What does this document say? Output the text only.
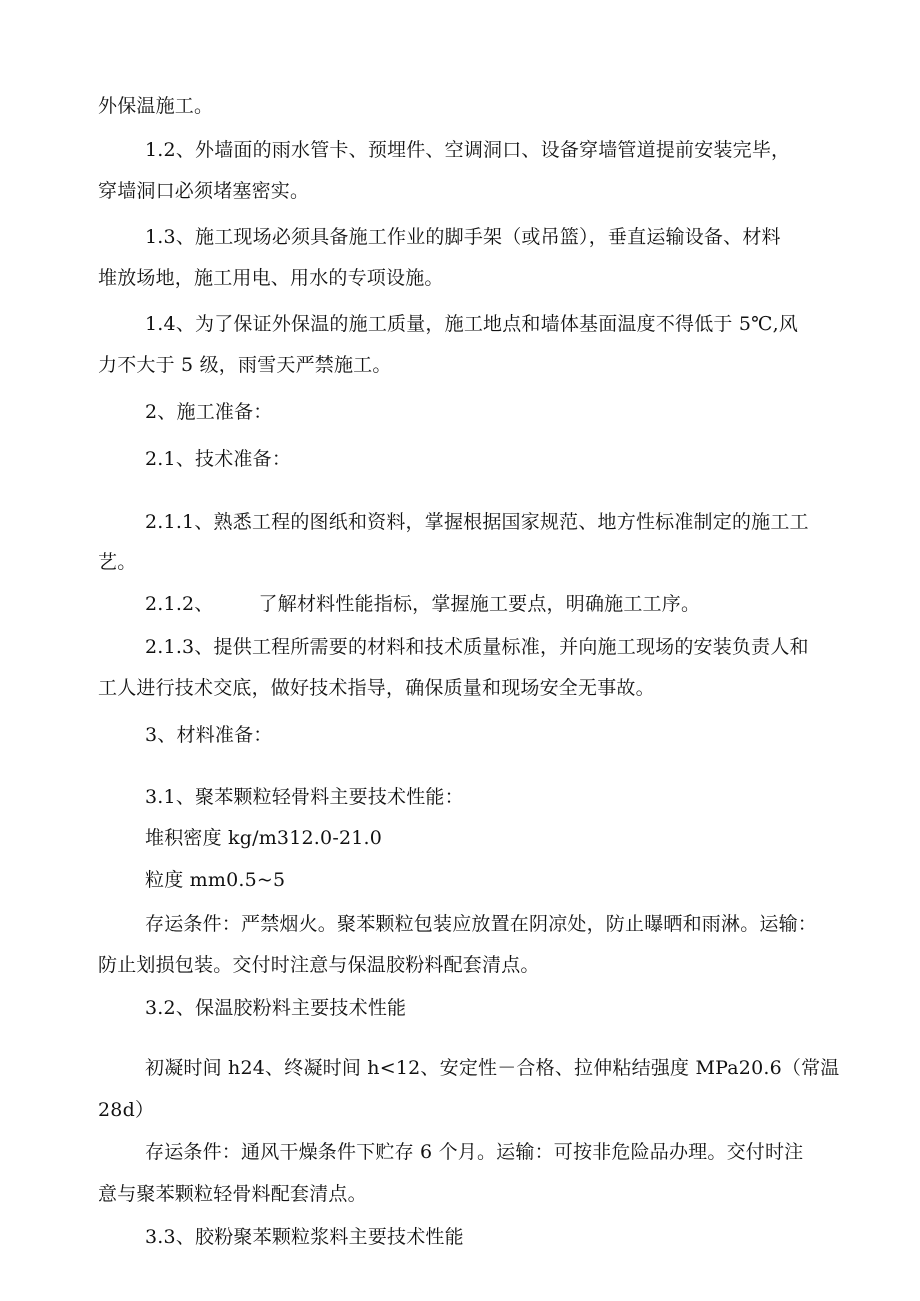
外保温施工。
1.2、外墙面的雨水管卡、预埋件、空调洞口、设备穿墙管道提前安装完毕，
穿墙洞口必须堵塞密实。
1.3、施工现场必须具备施工作业的脚手架（或吊篮），垂直运输设备、材料
堆放场地，施工用电、用水的专项设施。
1.4、为了保证外保温的施工质量，施工地点和墙体基面温度不得低于 5℃,风
力不大于 5 级，雨雪天严禁施工。
2、施工准备：
2.1、技术准备：
2.1.1、熟悉工程的图纸和资料，掌握根据国家规范、地方性标准制定的施工工
艺。
2.1.2、 了解材料性能指标，掌握施工要点，明确施工工序。
2.1.3、提供工程所需要的材料和技术质量标准，并向施工现场的安装负责人和
工人进行技术交底，做好技术指导，确保质量和现场安全无事故。
3、材料准备：
3.1、聚苯颗粒轻骨料主要技术性能：
堆积密度 kg/m312.0-21.0
粒度 mm0.5~5
存运条件：严禁烟火。聚苯颗粒包装应放置在阴凉处，防止曝晒和雨淋。运输：
防止划损包装。交付时注意与保温胶粉料配套清点。
3.2、保温胶粉料主要技术性能
初凝时间 h24、终凝时间 h<12、安定性－合格、拉伸粘结强度 MPa20.6（常温
28d）
存运条件：通风干燥条件下贮存 6 个月。运输：可按非危险品办理。交付时注
意与聚苯颗粒轻骨料配套清点。
3.3、胶粉聚苯颗粒浆料主要技术性能
